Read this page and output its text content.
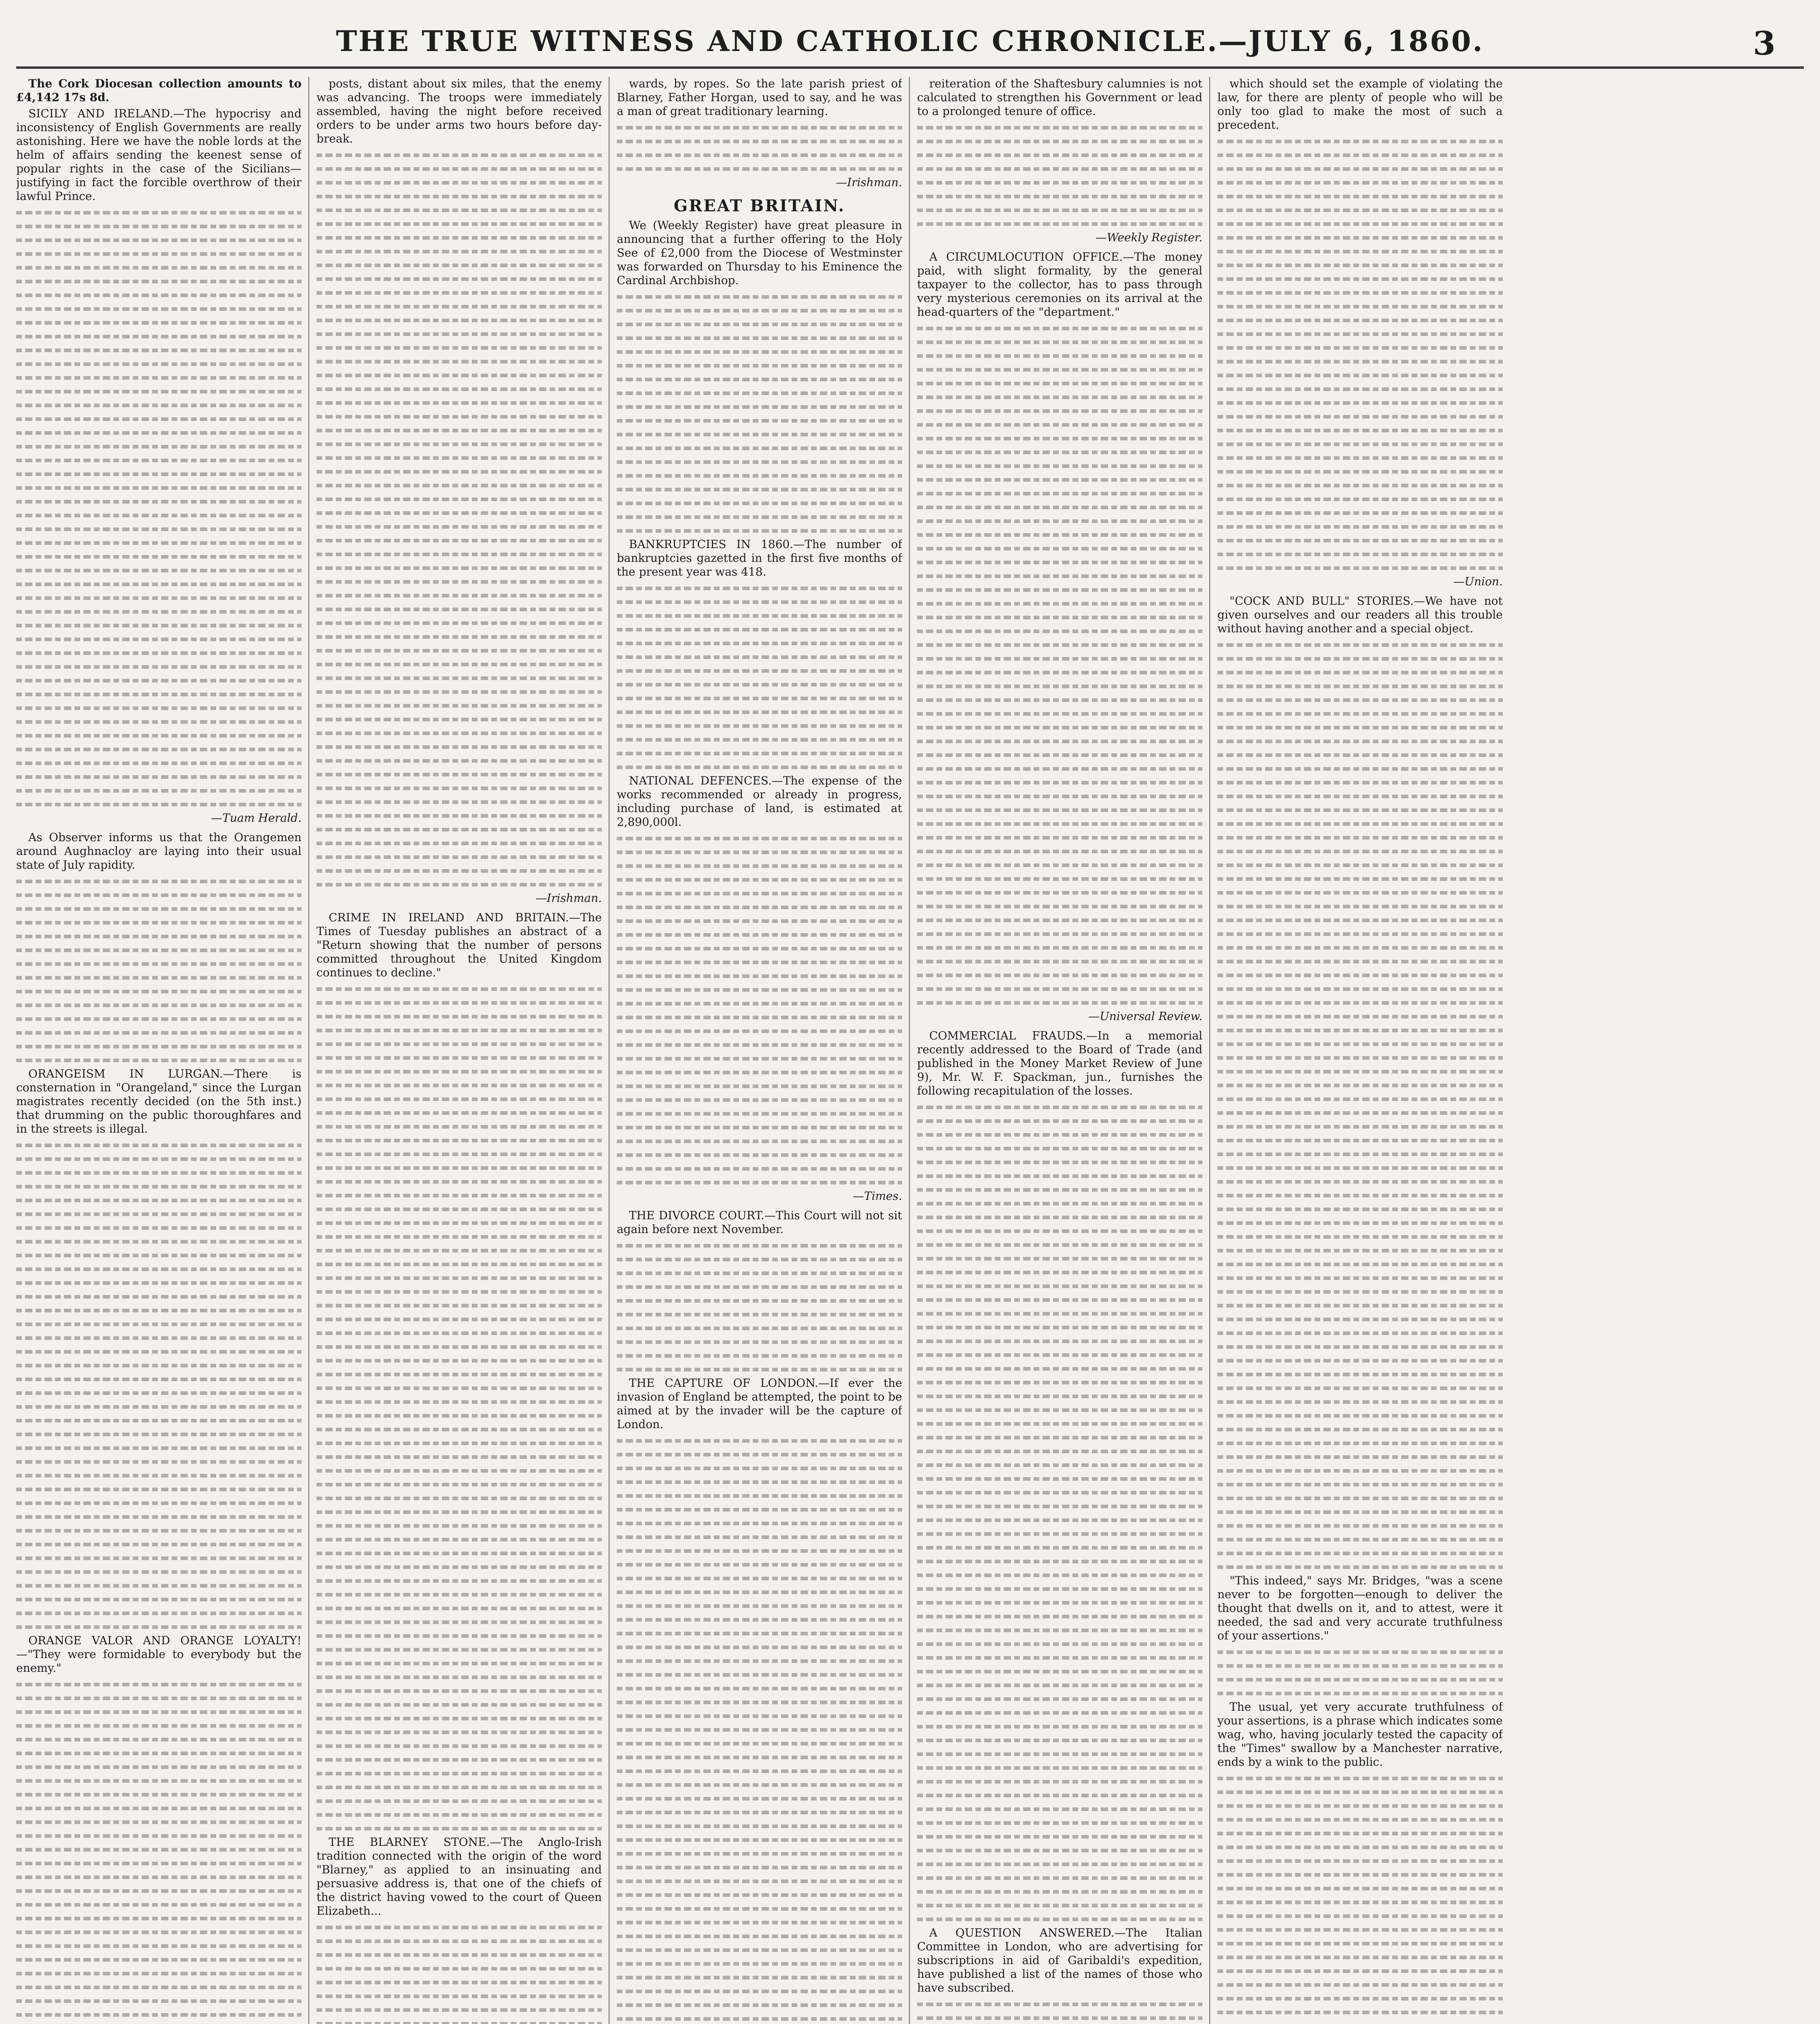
THE TRUE WITNESS AND CATHOLIC CHRONICLE.—JULY 6, 1860.	3

The Cork Diocesan collection amounts to £4,142 17s 8d.

SICILY AND IRELAND.—The hypocrisy and inconsistency of English Governments are really astonishing. Here we have the noble lords at the helm of affairs sending the keenest sense of popular rights in the case of the Sicilians—justifying in fact the forcible overthrow of their lawful Prince.

—Tuam Herald.

As Observer informs us that the Orangemen around Aughnacloy are laying into their usual state of July rapidity.

ORANGEISM IN LURGAN.—There is consternation in "Orangeland," since the Lurgan magistrates recently decided (on the 5th inst.) that drumming on the public thoroughfares and in the streets is illegal.

ORANGE VALOR AND ORANGE LOYALTY!—"They were formidable to everybody but the enemy."

posts, distant about six miles, that the enemy was advancing. The troops were immediately assembled, having the night before received orders to be under arms two hours before day-break.

—Irishman.

CRIME IN IRELAND AND BRITAIN.—The Times of Tuesday publishes an abstract of a "Return showing that the number of persons committed throughout the United Kingdom continues to decline."

THE BLARNEY STONE.—The Anglo-Irish tradition connected with the origin of the word "Blarney," as applied to an insinuating and persuasive address is, that one of the chiefs of the district having vowed to the court of Queen Elizabeth...

wards, by ropes. So the late parish priest of Blarney, Father Horgan, used to say, and he was a man of great traditionary learning.

—Irishman.

GREAT BRITAIN.

We (Weekly Register) have great pleasure in announcing that a further offering to the Holy See of £2,000 from the Diocese of Westminster was forwarded on Thursday to his Eminence the Cardinal Archbishop.

BANKRUPTCIES IN 1860.—The number of bankruptcies gazetted in the first five months of the present year was 418.

NATIONAL DEFENCES.—The expense of the works recommended or already in progress, including purchase of land, is estimated at 2,890,000l.

—Times.

THE DIVORCE COURT.—This Court will not sit again before next November.

THE CAPTURE OF LONDON.—If ever the invasion of England be attempted, the point to be aimed at by the invader will be the capture of London.

reiteration of the Shaftesbury calumnies is not calculated to strengthen his Government or lead to a prolonged tenure of office.

—Weekly Register.

A CIRCUMLOCUTION OFFICE.—The money paid, with slight formality, by the general taxpayer to the collector, has to pass through very mysterious ceremonies on its arrival at the head-quarters of the "department."

—Universal Review.

COMMERCIAL FRAUDS.—In a memorial recently addressed to the Board of Trade (and published in the Money Market Review of June 9), Mr. W. F. Spackman, jun., furnishes the following recapitulation of the losses.

A QUESTION ANSWERED.—The Italian Committee in London, who are advertising for subscriptions in aid of Garibaldi's expedition, have published a list of the names of those who have subscribed.

which should set the example of violating the law, for there are plenty of people who will be only too glad to make the most of such a precedent.

—Union.

"COCK AND BULL" STORIES.—We have not given ourselves and our readers all this trouble without having another and a special object.

"This indeed," says Mr. Bridges, "was a scene never to be forgotten—enough to deliver the thought that dwells on it, and to attest, were it needed, the sad and very accurate truthfulness of your assertions."

The usual, yet very accurate truthfulness of your assertions, is a phrase which indicates some wag, who, having jocularly tested the capacity of the "Times" swallow by a Manchester narrative, ends by a wink to the public.
